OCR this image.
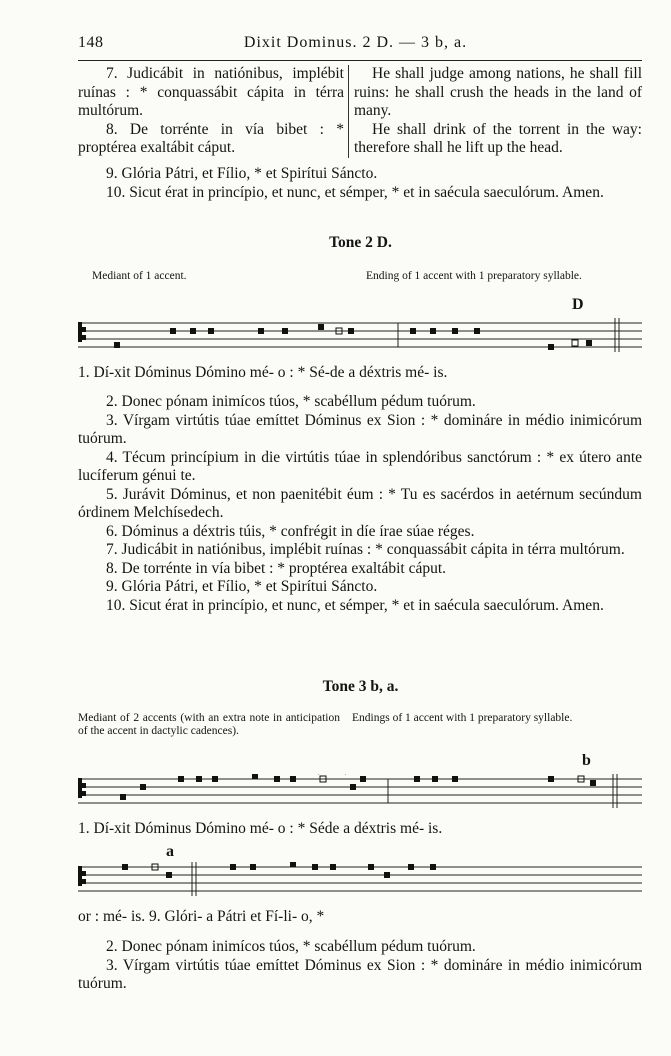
148	Dixit Dominus. 2 D. — 3 b, a.

7. Judicábit in natiónibus, implébit ruínas : * conquassábit cápita in térra multórum.

8. De torrénte in vía bibet : * proptérea exaltábit cáput.

He shall judge among nations, he shall fill ruins: he shall crush the heads in the land of many.

He shall drink of the torrent in the way: therefore shall he lift up the head.

9. Glória Pátri, et Fílio, * et Spirítui Sáncto.

10. Sicut érat in princípio, et nunc, et sémper, * et in saécula saeculórum. Amen.

Tone 2 D.
Mediant of 1 accent.	Ending of 1 accent with 1 preparatory syllable.
D
1. Dí-xit Dóminus Dómino mé- o : * Sé-de a déxtris mé- is.

2. Donec pónam inimícos túos, * scabéllum pédum tuórum.

3. Vírgam virtútis túae emíttet Dóminus ex Sion : * domináre in médio inimicórum tuórum.

4. Técum princípium in die virtútis túae in splendóribus sanctórum : * ex útero ante lucíferum génui te.

5. Jurávit Dóminus, et non paenitébit éum : * Tu es sacérdos in aetérnum secúndum órdinem Melchísedech.

6. Dóminus a déxtris túis, * confrégit in díe írae súae réges.

7. Judicábit in natiónibus, implébit ruínas : * conquassábit cápita in térra multórum.

8. De torrénte in vía bibet : * proptérea exaltábit cáput.

9. Glória Pátri, et Fílio, * et Spirítui Sáncto.

10. Sicut érat in princípio, et nunc, et sémper, * et in saécula saeculórum. Amen.

Tone 3 b, a.
Mediant of 2 accents (with an extra note in anticipation of the accent in dactylic cadences).
Endings of 1 accent with 1 preparatory syllable.
b
1. Dí-xit Dóminus Dómino mé- o : * Séde a déxtris mé- is.
a
or : mé- is. 9. Glóri- a Pátri et Fí-li- o, *

2. Donec pónam inimícos túos, * scabéllum pédum tuórum.

3. Vírgam virtútis túae emíttet Dóminus ex Sion : * domináre in médio inimicórum tuórum.
